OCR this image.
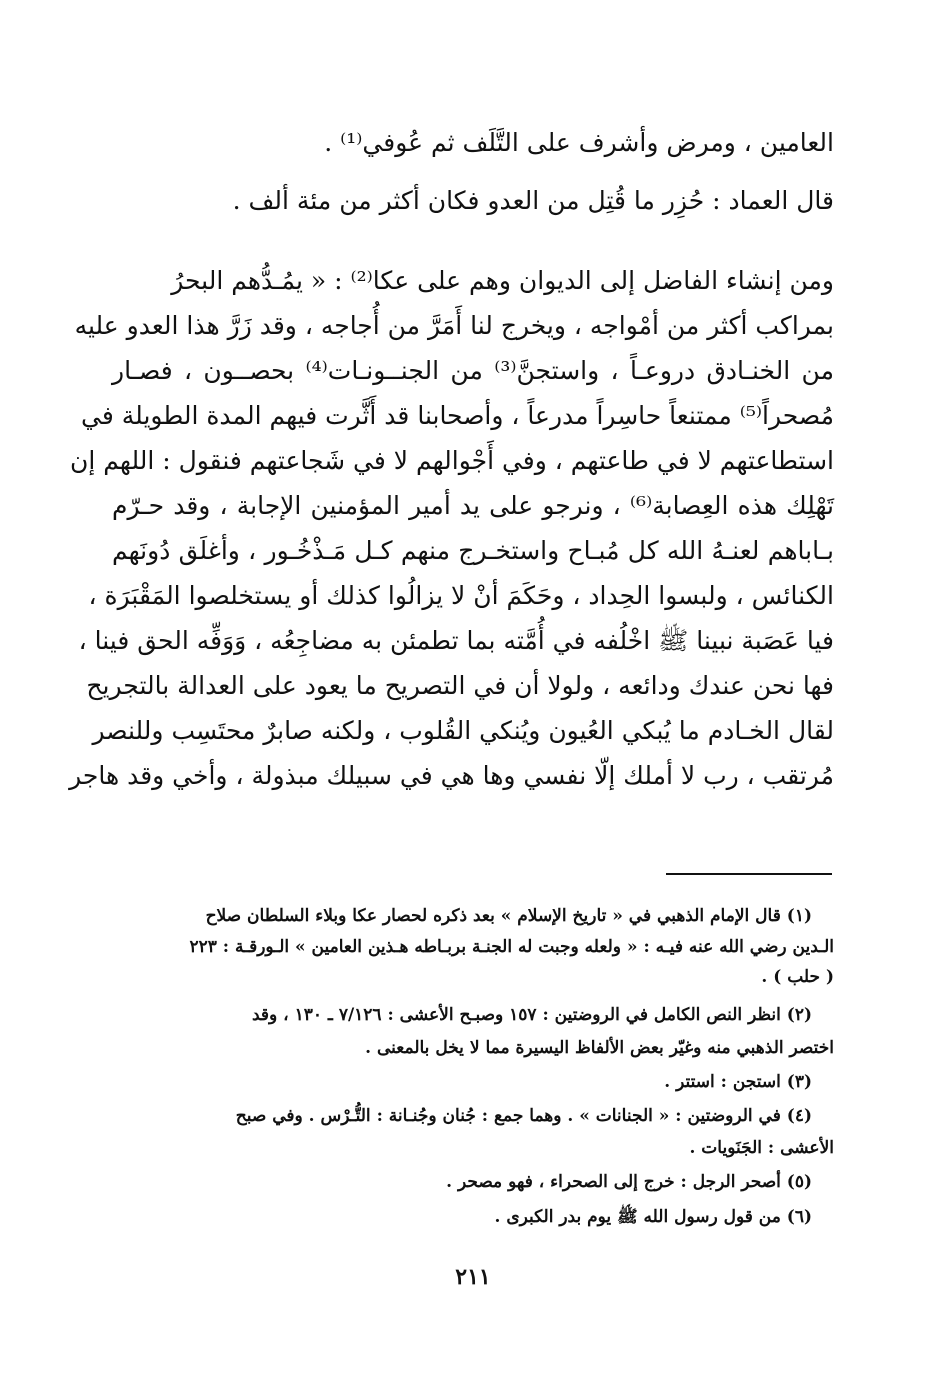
العامين ، ومرض وأشرف على التَّلَف ثم عُوفي⁽¹⁾ .
قال العماد : حُزِر ما قُتِل من العدو فكان أكثر من مئة ألف .
ومن إنشاء الفاضل إلى الديوان وهم على عكا⁽²⁾ : « يمُـدُّهم البحرُ
بمراكب أكثر من أمْواجه ، ويخرج لنا أَمَرَّ من أُجاجه ، وقد زَرَّ هذا العدو عليه
من الخنـادق دروعـاً ، واستجنَّ⁽³⁾ من الجنــونـات⁽⁴⁾ بحصــون ، فصـار
مُصحراً⁽⁵⁾ ممتنعاً حاسِراً مدرعاً ، وأصحابنا قد أَثَّرت فيهم المدة الطويلة في
استطاعتهم لا في طاعتهم ، وفي أَجْوالهم لا في شَجاعتهم فنقول : اللهم إن
تَهْلِك هذه العِصابة⁽⁶⁾ ، ونرجو على يد أمير المؤمنين الإجابة ، وقد حـرّم
بـاباهم لعنـهُ الله كل مُبـاح واستخـرج منهم كـل مَـذْخُـور ، وأغلَق دُونَهم
الكنائس ، ولبسوا الحِداد ، وحَكَمَ أنْ لا يزالُوا كذلك أو يستخلصوا المَقْبَرَة ،
فيا عَصَبة نبينا ﷺ اخْلُفه في أُمَّته بما تطمئن به مضاجِعُه ، وَوَفِّه الحق فينا ،
فها نحن عندك ودائعه ، ولولا أن في التصريح ما يعود على العدالة بالتجريح
لقال الخـادم ما يُبكي العُيون ويُنكي القُلوب ، ولكنه صابرٌ محتَسِب وللنصر
مُرتقب ، رب لا أملك إلّا نفسي وها هي في سبيلك مبذولة ، وأخي وقد هاجر
(١) قال الإمام الذهبي في « تاريخ الإسلام » بعد ذكره لحصار عكا وبلاء السلطان صلاح
الـدين رضي الله عنه فيـه : « ولعله وجبت له الجنـة بربـاطه هـذين العامين » الـورقـة : ٢٢٣
( حلب ) .
(٢) انظر النص الكامل في الروضتين : ١٥٧ وصبـح الأعشى : ٧/١٢٦ ـ ١٣٠ ، وقد
اختصر الذهبي منه وغيّر بعض الألفاظ اليسيرة مما لا يخل بالمعنى .
(٣) استجن : استتر .
(٤) في الروضتين : « الجنانات » . وهما جمع : جُنان وجُنـانة : التُّـرْس . وفي صبح
الأعشى : الجَنَويات .
(٥) أصحر الرجل : خرج إلى الصحراء ، فهو مصحر .
(٦) من قول رسول الله ﷺ يوم بدر الكبرى .
٢١١
